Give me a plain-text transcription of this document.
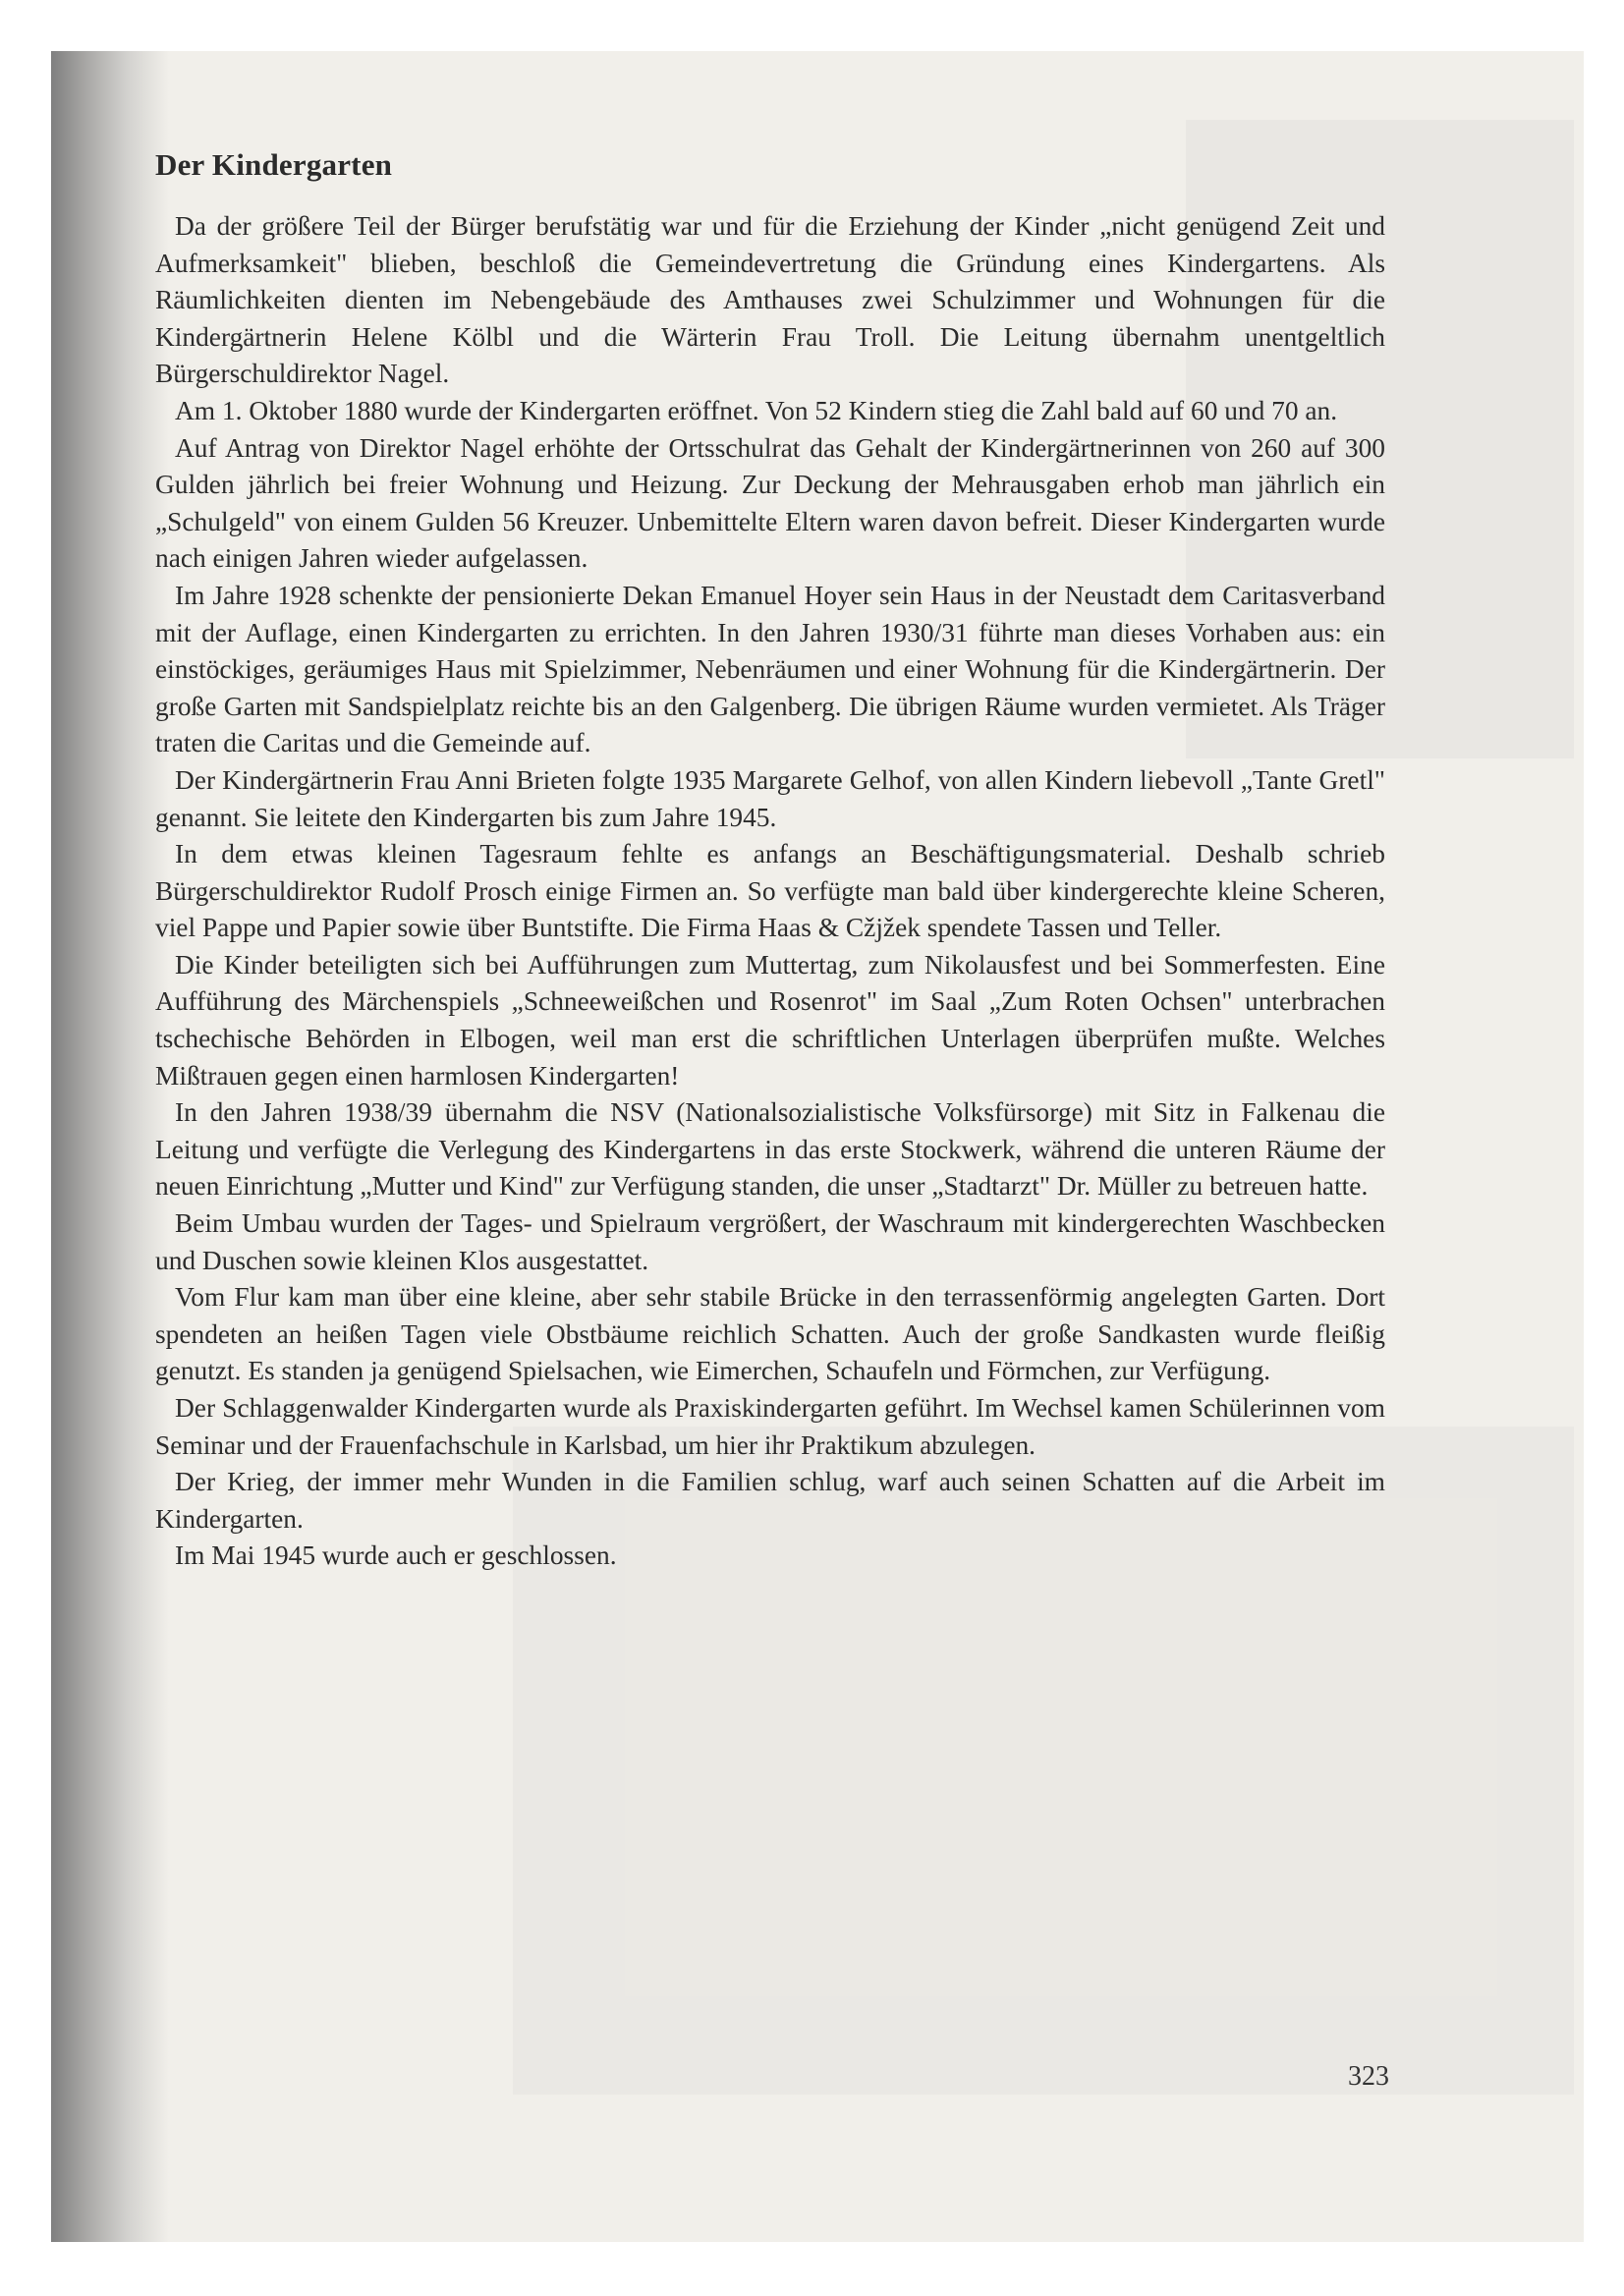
Der Kindergarten

Da der größere Teil der Bürger berufstätig war und für die Erziehung der Kinder „nicht genügend Zeit und Aufmerksamkeit" blieben, beschloß die Gemeindevertretung die Gründung eines Kindergartens. Als Räumlichkeiten dienten im Nebengebäude des Amthauses zwei Schulzimmer und Wohnungen für die Kindergärtnerin Helene Kölbl und die Wärterin Frau Troll. Die Leitung übernahm unentgeltlich Bürgerschuldirektor Nagel.

Am 1. Oktober 1880 wurde der Kindergarten eröffnet. Von 52 Kindern stieg die Zahl bald auf 60 und 70 an.

Auf Antrag von Direktor Nagel erhöhte der Ortsschulrat das Gehalt der Kindergärtnerinnen von 260 auf 300 Gulden jährlich bei freier Wohnung und Heizung. Zur Deckung der Mehrausgaben erhob man jährlich ein „Schulgeld" von einem Gulden 56 Kreuzer. Unbemittelte Eltern waren davon befreit. Dieser Kindergarten wurde nach einigen Jahren wieder aufgelassen.

Im Jahre 1928 schenkte der pensionierte Dekan Emanuel Hoyer sein Haus in der Neustadt dem Caritasverband mit der Auflage, einen Kindergarten zu errichten. In den Jahren 1930/31 führte man dieses Vorhaben aus: ein einstöckiges, geräumiges Haus mit Spielzimmer, Nebenräumen und einer Wohnung für die Kindergärtnerin. Der große Garten mit Sandspielplatz reichte bis an den Galgenberg. Die übrigen Räume wurden vermietet. Als Träger traten die Caritas und die Gemeinde auf.

Der Kindergärtnerin Frau Anni Brieten folgte 1935 Margarete Gelhof, von allen Kindern liebevoll „Tante Gretl" genannt. Sie leitete den Kindergarten bis zum Jahre 1945.

In dem etwas kleinen Tagesraum fehlte es anfangs an Beschäftigungsmaterial. Deshalb schrieb Bürgerschuldirektor Rudolf Prosch einige Firmen an. So verfügte man bald über kindergerechte kleine Scheren, viel Pappe und Papier sowie über Buntstifte. Die Firma Haas & Cžjžek spendete Tassen und Teller.

Die Kinder beteiligten sich bei Aufführungen zum Muttertag, zum Nikolausfest und bei Sommerfesten. Eine Aufführung des Märchenspiels „Schneeweißchen und Rosenrot" im Saal „Zum Roten Ochsen" unterbrachen tschechische Behörden in Elbogen, weil man erst die schriftlichen Unterlagen überprüfen mußte. Welches Mißtrauen gegen einen harmlosen Kindergarten!

In den Jahren 1938/39 übernahm die NSV (Nationalsozialistische Volksfürsorge) mit Sitz in Falkenau die Leitung und verfügte die Verlegung des Kindergartens in das erste Stockwerk, während die unteren Räume der neuen Einrichtung „Mutter und Kind" zur Verfügung standen, die unser „Stadtarzt" Dr. Müller zu betreuen hatte.

Beim Umbau wurden der Tages- und Spielraum vergrößert, der Waschraum mit kindergerechten Waschbecken und Duschen sowie kleinen Klos ausgestattet.

Vom Flur kam man über eine kleine, aber sehr stabile Brücke in den terrassenförmig angelegten Garten. Dort spendeten an heißen Tagen viele Obstbäume reichlich Schatten. Auch der große Sandkasten wurde fleißig genutzt. Es standen ja genügend Spielsachen, wie Eimerchen, Schaufeln und Förmchen, zur Verfügung.

Der Schlaggenwalder Kindergarten wurde als Praxiskindergarten geführt. Im Wechsel kamen Schülerinnen vom Seminar und der Frauenfachschule in Karlsbad, um hier ihr Praktikum abzulegen.

Der Krieg, der immer mehr Wunden in die Familien schlug, warf auch seinen Schatten auf die Arbeit im Kindergarten.

Im Mai 1945 wurde auch er geschlossen.

323
